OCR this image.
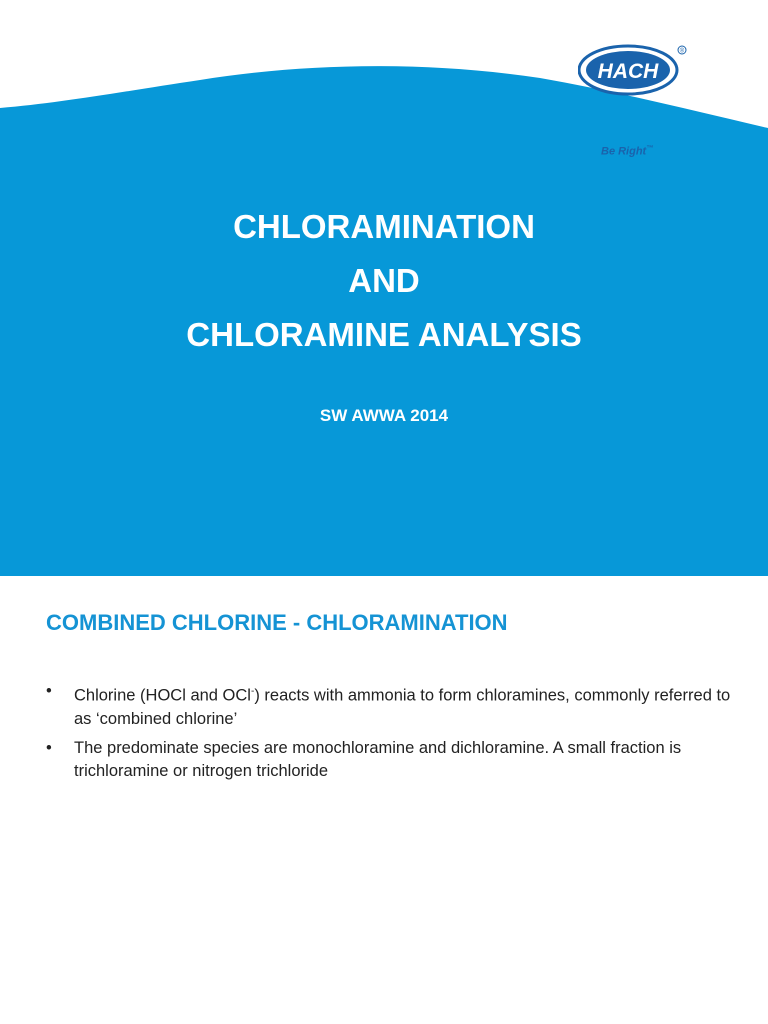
HACH
®
Be Right™
CHLORAMINATION
AND
CHLORAMINE ANALYSIS
SW AWWA 2014
COMBINED CHLORINE - CHLORAMINATION
• Chlorine (HOCl and OCl-) reacts with ammonia to form chloramines, commonly referred to as ‘combined chlorine’
• The predominate species are monochloramine and dichloramine. A small fraction is trichloramine or nitrogen trichloride
